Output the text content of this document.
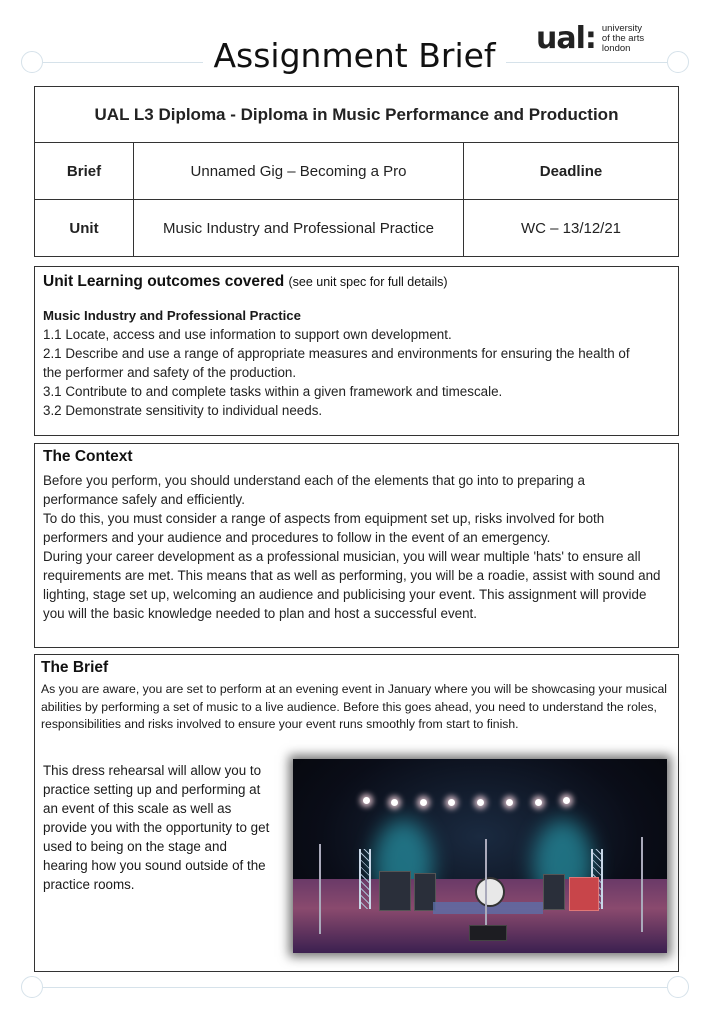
Assignment Brief	ual: university
of the arts
london
UAL L3 Diploma - Diploma in Music Performance and Production		
Brief	Unnamed Gig – Becoming a Pro	Deadline
Unit	Music Industry and Professional Practice	WC – 13/12/21
Unit Learning outcomes covered (see unit spec for full details)
Music Industry and Professional Practice
1.1 Locate, access and use information to support own development.
2.1 Describe and use a range of appropriate measures and environments for ensuring the health of the performer and safety of the production.
3.1 Contribute to and complete tasks within a given framework and timescale.
3.2 Demonstrate sensitivity to individual needs.
The Context
Before you perform, you should understand each of the elements that go into to preparing a performance safely and efficiently.
To do this, you must consider a range of aspects from equipment set up, risks involved for both performers and your audience and procedures to follow in the event of an emergency.
During your career development as a professional musician, you will wear multiple 'hats' to ensure all requirements are met. This means that as well as performing, you will be a roadie, assist with sound and lighting, stage set up, welcoming an audience and publicising your event. This assignment will provide you will the basic knowledge needed to plan and host a successful event.
The Brief
As you are aware, you are set to perform at an evening event in January where you will be showcasing your musical abilities by performing a set of music to a live audience. Before this goes ahead, you need to understand the roles, responsibilities and risks involved to ensure your event runs smoothly from start to finish.
This dress rehearsal will allow you to practice setting up and performing at an event of this scale as well as provide you with the opportunity to get used to being on the stage and hearing how you sound outside of the practice rooms.
